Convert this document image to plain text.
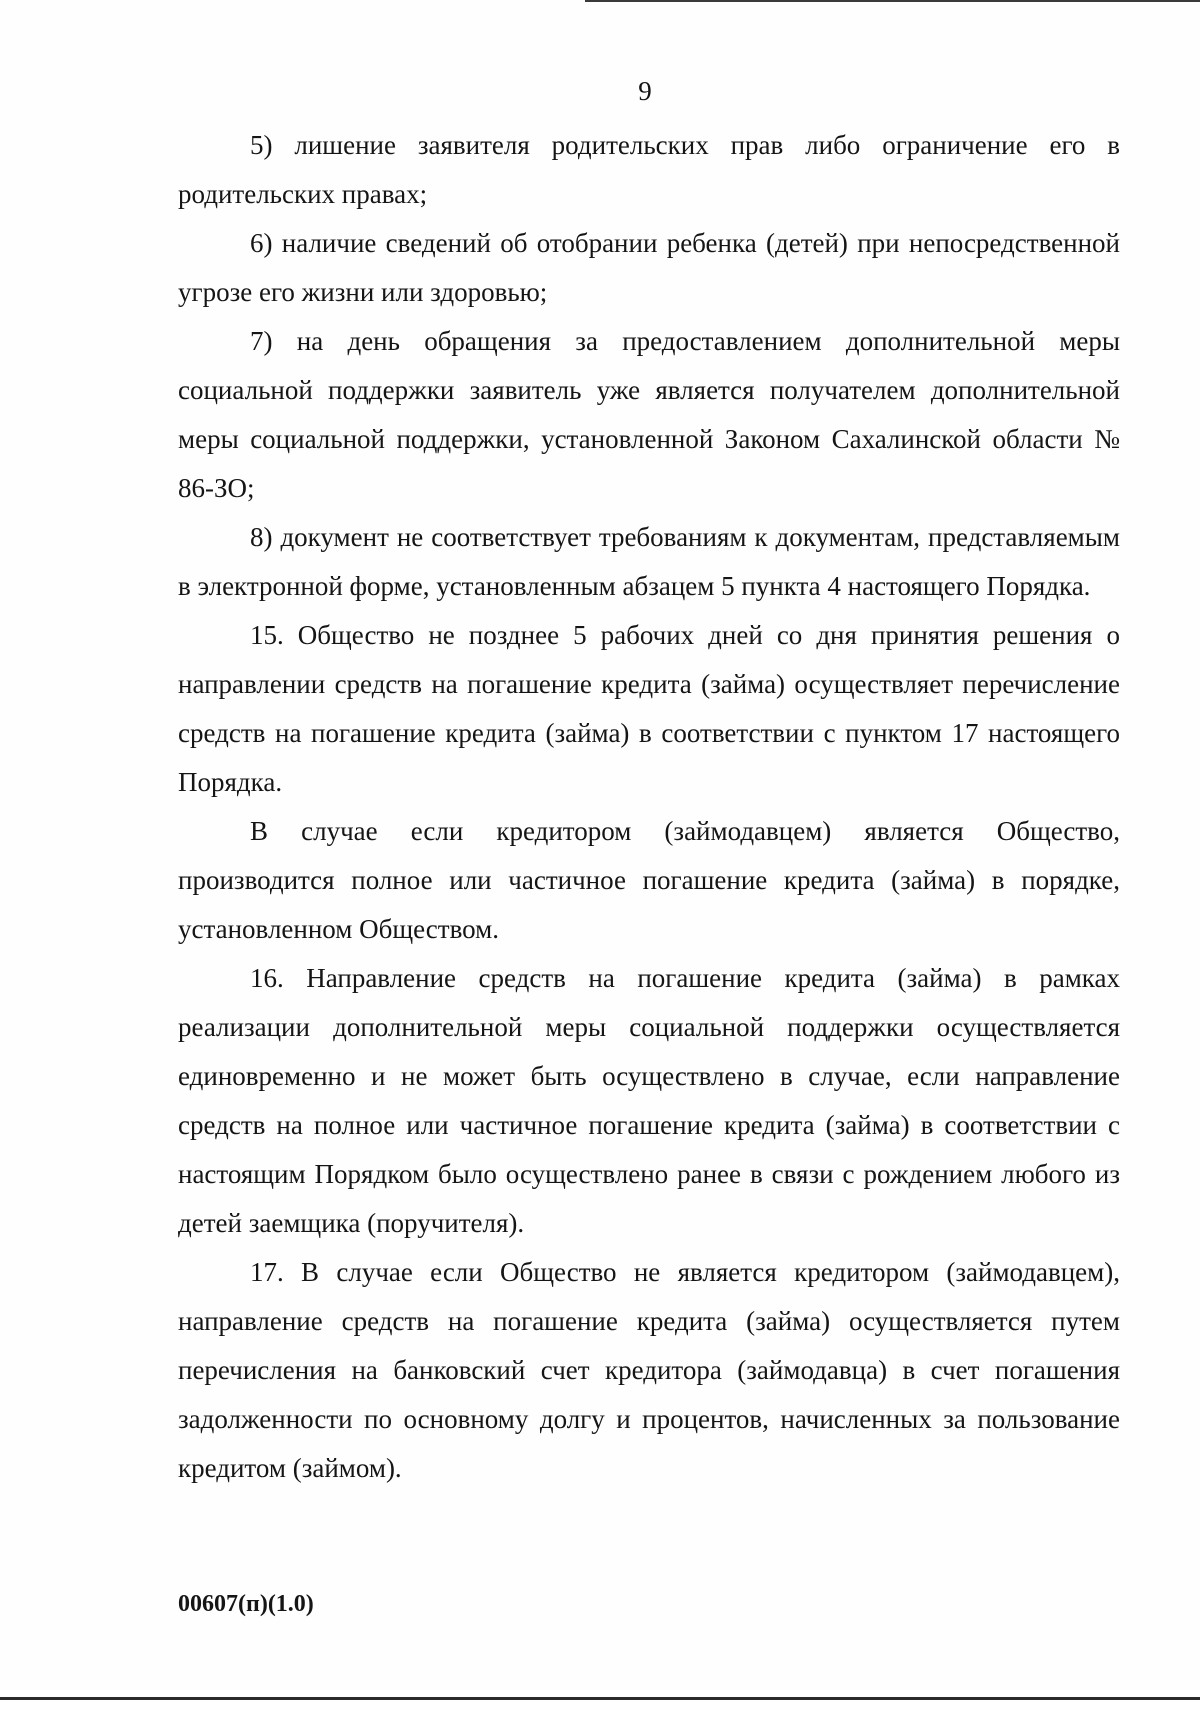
9

5) лишение заявителя родительских прав либо ограничение его в родительских правах;

6) наличие сведений об отобрании ребенка (детей) при непосредственной угрозе его жизни или здоровью;

7) на день обращения за предоставлением дополнительной меры социальной поддержки заявитель уже является получателем дополнительной меры социальной поддержки, установленной Законом Сахалинской области № 86-ЗО;

8) документ не соответствует требованиям к документам, представляемым в электронной форме, установленным абзацем 5 пункта 4 настоящего Порядка.

15. Общество не позднее 5 рабочих дней со дня принятия решения о направлении средств на погашение кредита (займа) осуществляет перечисление средств на погашение кредита (займа) в соответствии с пунктом 17 настоящего Порядка.

В случае если кредитором (займодавцем) является Общество, производится полное или частичное погашение кредита (займа) в порядке, установленном Обществом.

16. Направление средств на погашение кредита (займа) в рамках реализации дополнительной меры социальной поддержки осуществляется единовременно и не может быть осуществлено в случае, если направление средств на полное или частичное погашение кредита (займа) в соответствии с настоящим Порядком было осуществлено ранее в связи с рождением любого из детей заемщика (поручителя).

17. В случае если Общество не является кредитором (займодавцем), направление средств на погашение кредита (займа) осуществляется путем перечисления на банковский счет кредитора (займодавца) в счет погашения задолженности по основному долгу и процентов, начисленных за пользование кредитом (займом).

00607(п)(1.0)
